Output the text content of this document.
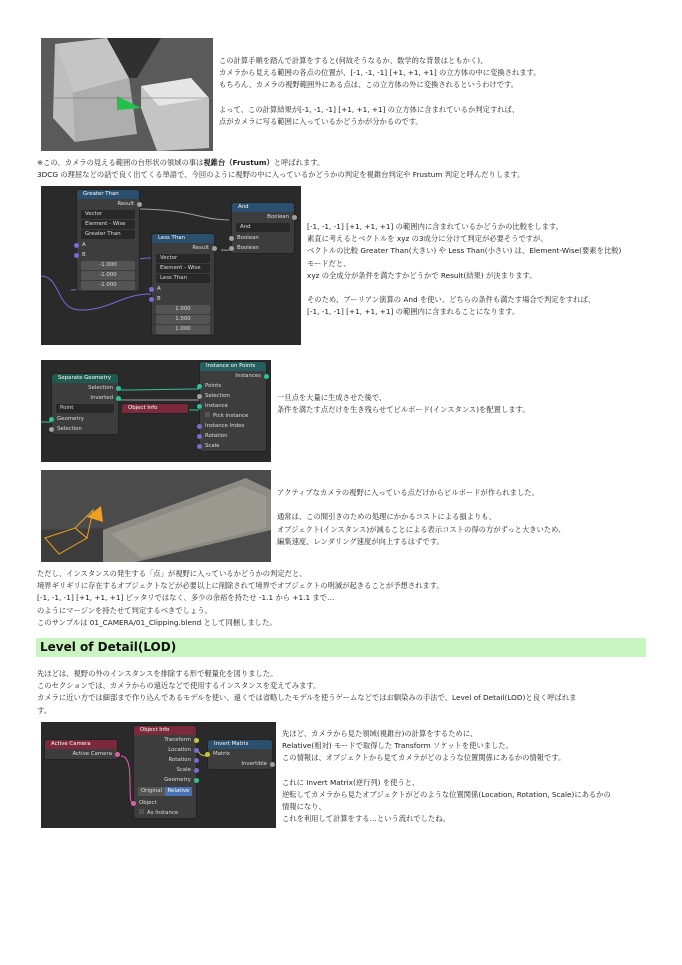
この計算手順を踏んで計算をすると(何故そうなるか、数学的な背景はともかく)、
カメラから見える範囲の各点の位置が、[-1, -1, -1] [+1, +1, +1] の立方体の中に変換されます。
もちろん、カメラの視野範囲外にある点は、この立方体の外に変換されるというわけです。
よって、この計算結果が[-1, -1, -1] [+1, +1, +1] の立方体に含まれているか判定すれば、
点がカメラに写る範囲に入っているかどうかが分かるのです。
※この、カメラの見える範囲の台形状の領域の事は視錐台（Frustum）と呼ばれます。
3DCG の理屈などの話で良く出てくる単語で、今回のように視野の中に入っているかどうかの判定を視錐台判定や Frustum 判定と呼んだりします。
Greater Than
Result
Vector
Element - Wise
Greater Than
A
B
-1.000
-1.000
-1.000
Less Than
Result
Vector
Element - Wise
Less Than
A
B
1.000
1.000
1.000
And
Boolean
And
Boolean
Boolean
[-1, -1, -1] [+1, +1, +1] の範囲内に含まれているかどうかの比較をします。
素直に考えるとベクトルを xyz の3成分に分けて判定が必要そうですが、
ベクトルの比較 Greater Than(大きい) や Less Than(小さい) は、Element-Wise(要素を比較)
モードだと、
xyz の全成分が条件を満たすかどうかで Result(結果) が決まります。
そのため、ブーリアン演算の And を使い、どちらの条件も満たす場合で判定をすれば、
[-1, -1, -1] [+1, +1, +1] の範囲内に含まれることになります。
Separate Geometry
Selection
Inverted
Point
Geometry
Selection
Object Info
Instance on Points
Instances
Points
Selection
Instance
Pick Instance
Instance Index
Rotation
Scale
一旦点を大量に生成させた後で、
条件を満たす点だけを生き残らせてビルボード(インスタンス)を配置します。
アクティブなカメラの視野に入っている点だけからビルボードが作られました。
通常は、この間引きのための処理にかかるコストによる損よりも、
オブジェクト(インスタンス)が減ることによる表示コストの得の方がずっと大きいため、
編集速度、レンダリング速度が向上するはずです。
ただし、インスタンスの発生する「点」が視野に入っているかどうかの判定だと、
境界ギリギリに存在するオブジェクトなどが必要以上に削除されて境界でオブジェクトの明滅が起きることが予想されます。
[-1, -1, -1] [+1, +1, +1] ピッタリではなく、多少の余裕を持たせ -1.1 から +1.1 まで…
のようにマージンを持たせて判定するべきでしょう。
このサンプルは 01_CAMERA/01_Clipping.blend として同梱しました。
Level of Detail(LOD)
先ほどは、視野の外のインスタンスを排除する形で軽量化を図りました。
このセクションでは、カメラからの遠近などで使用するインスタンスを変えてみます。
カメラに近い方では細部まで作り込んであるモデルを使い、遠くでは省略したモデルを使うゲームなどではお馴染みの手法で、Level of Detail(LOD)と良く呼ばれま
す。
Active Camera
Active Camera
Object Info
Transform
Location
Rotation
Scale
Geometry
Original	Relative
Object
As Instance
Invert Matrix
Matrix
Invertible
先ほど、カメラから見た領域(視錐台)の計算をするために、
Relative(相対) モードで取得した Transform ソケットを使いました。
この情報は、オブジェクトから見てカメラがどのような位置関係にあるかの情報です。
これに Invert Matrix(逆行列) を使うと、
逆転してカメラから見たオブジェクトがどのような位置関係(Location, Rotation, Scale)にあるかの
情報になり、
これを利用して計算をする…という流れでしたね。
